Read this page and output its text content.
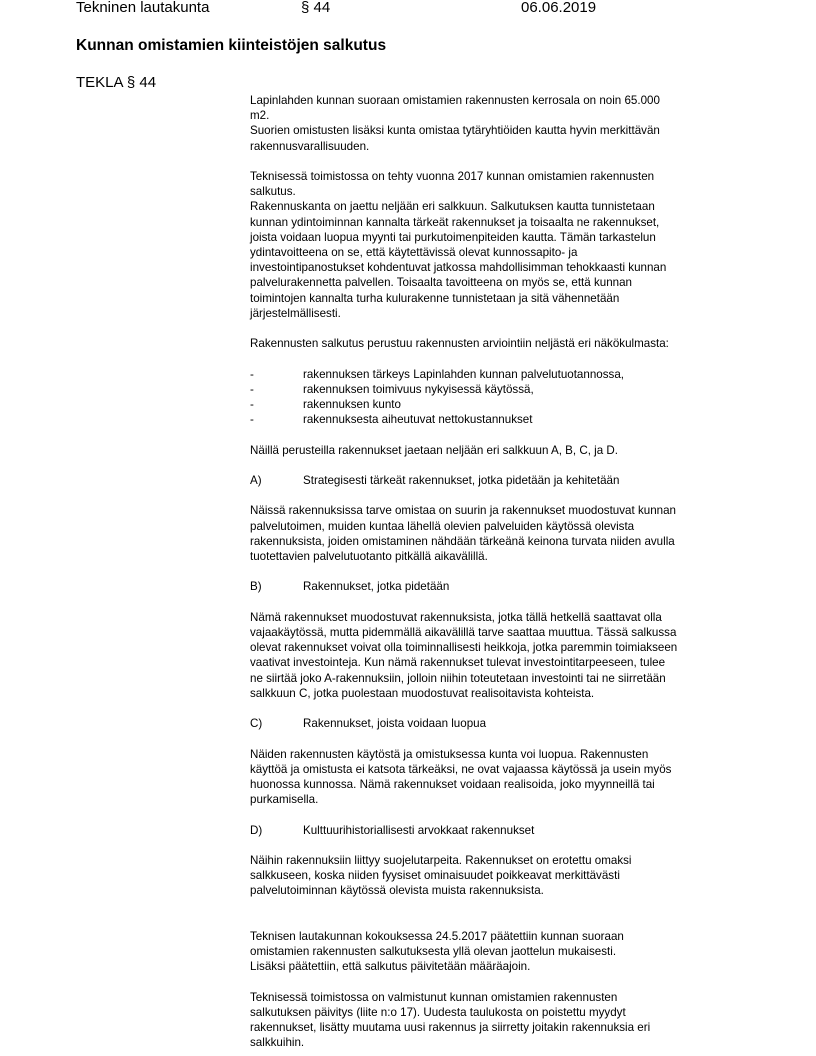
Tekninen lautakunta	§ 44	06.06.2019
Kunnan omistamien kiinteistöjen salkutus
TEKLA § 44

Lapinlahden kunnan suoraan omistamien rakennusten kerrosala on noin 65.000

m2.

Suorien omistusten lisäksi kunta omistaa tytäryhtiöiden kautta hyvin merkittävän

rakennusvarallisuuden.

Teknisessä toimistossa on tehty vuonna 2017 kunnan omistamien rakennusten

salkutus.

Rakennuskanta on jaettu neljään eri salkkuun. Salkutuksen kautta tunnistetaan

kunnan ydintoiminnan kannalta tärkeät rakennukset ja toisaalta ne rakennukset,

joista voidaan luopua myynti tai purkutoimenpiteiden kautta. Tämän tarkastelun

ydintavoitteena on se, että käytettävissä olevat kunnossapito- ja

investointipanostukset kohdentuvat jatkossa mahdollisimman tehokkaasti kunnan

palvelurakennetta palvellen. Toisaalta tavoitteena on myös se, että kunnan

toimintojen kannalta turha kulurakenne tunnistetaan ja sitä vähennetään

järjestelmällisesti.

Rakennusten salkutus perustuu rakennusten arviointiin neljästä eri näkökulmasta:

-	rakennuksen tärkeys Lapinlahden kunnan palvelutuotannossa,
-	rakennuksen toimivuus nykyisessä käytössä,
-	rakennuksen kunto
-	rakennuksesta aiheutuvat nettokustannukset

Näillä perusteilla rakennukset jaetaan neljään eri salkkuun A, B, C, ja D.

A)	Strategisesti tärkeät rakennukset, jotka pidetään ja kehitetään

Näissä rakennuksissa tarve omistaa on suurin ja rakennukset muodostuvat kunnan

palvelutoimen, muiden kuntaa lähellä olevien palveluiden käytössä olevista

rakennuksista, joiden omistaminen nähdään tärkeänä keinona turvata niiden avulla

tuotettavien palvelutuotanto pitkällä aikavälillä.

B)	Rakennukset, jotka pidetään

Nämä rakennukset muodostuvat rakennuksista, jotka tällä hetkellä saattavat olla

vajaakäytössä, mutta pidemmällä aikavälillä tarve saattaa muuttua. Tässä salkussa

olevat rakennukset voivat olla toiminnallisesti heikkoja, jotka paremmin toimiakseen

vaativat investointeja. Kun nämä rakennukset tulevat investointitarpeeseen, tulee

ne siirtää joko A-rakennuksiin, jolloin niihin toteutetaan investointi tai ne siirretään

salkkuun C, jotka puolestaan muodostuvat realisoitavista kohteista.

C)	Rakennukset, joista voidaan luopua

Näiden rakennusten käytöstä ja omistuksessa kunta voi luopua. Rakennusten

käyttöä ja omistusta ei katsota tärkeäksi, ne ovat vajaassa käytössä ja usein myös

huonossa kunnossa. Nämä rakennukset voidaan realisoida, joko myynneillä tai

purkamisella.

D)	Kulttuurihistoriallisesti arvokkaat rakennukset

Näihin rakennuksiin liittyy suojelutarpeita. Rakennukset on erotettu omaksi

salkkuseen, koska niiden fyysiset ominaisuudet poikkeavat merkittävästi

palvelutoiminnan käytössä olevista muista rakennuksista.

Teknisen lautakunnan kokouksessa 24.5.2017 päätettiin kunnan suoraan

omistamien rakennusten salkutuksesta yllä olevan jaottelun mukaisesti.

Lisäksi päätettiin, että salkutus päivitetään määräajoin.

Teknisessä toimistossa on valmistunut kunnan omistamien rakennusten

salkutuksen päivitys (liite n:o 17). Uudesta taulukosta on poistettu myydyt

rakennukset, lisätty muutama uusi rakennus ja siirretty joitakin rakennuksia eri

salkkuihin.
